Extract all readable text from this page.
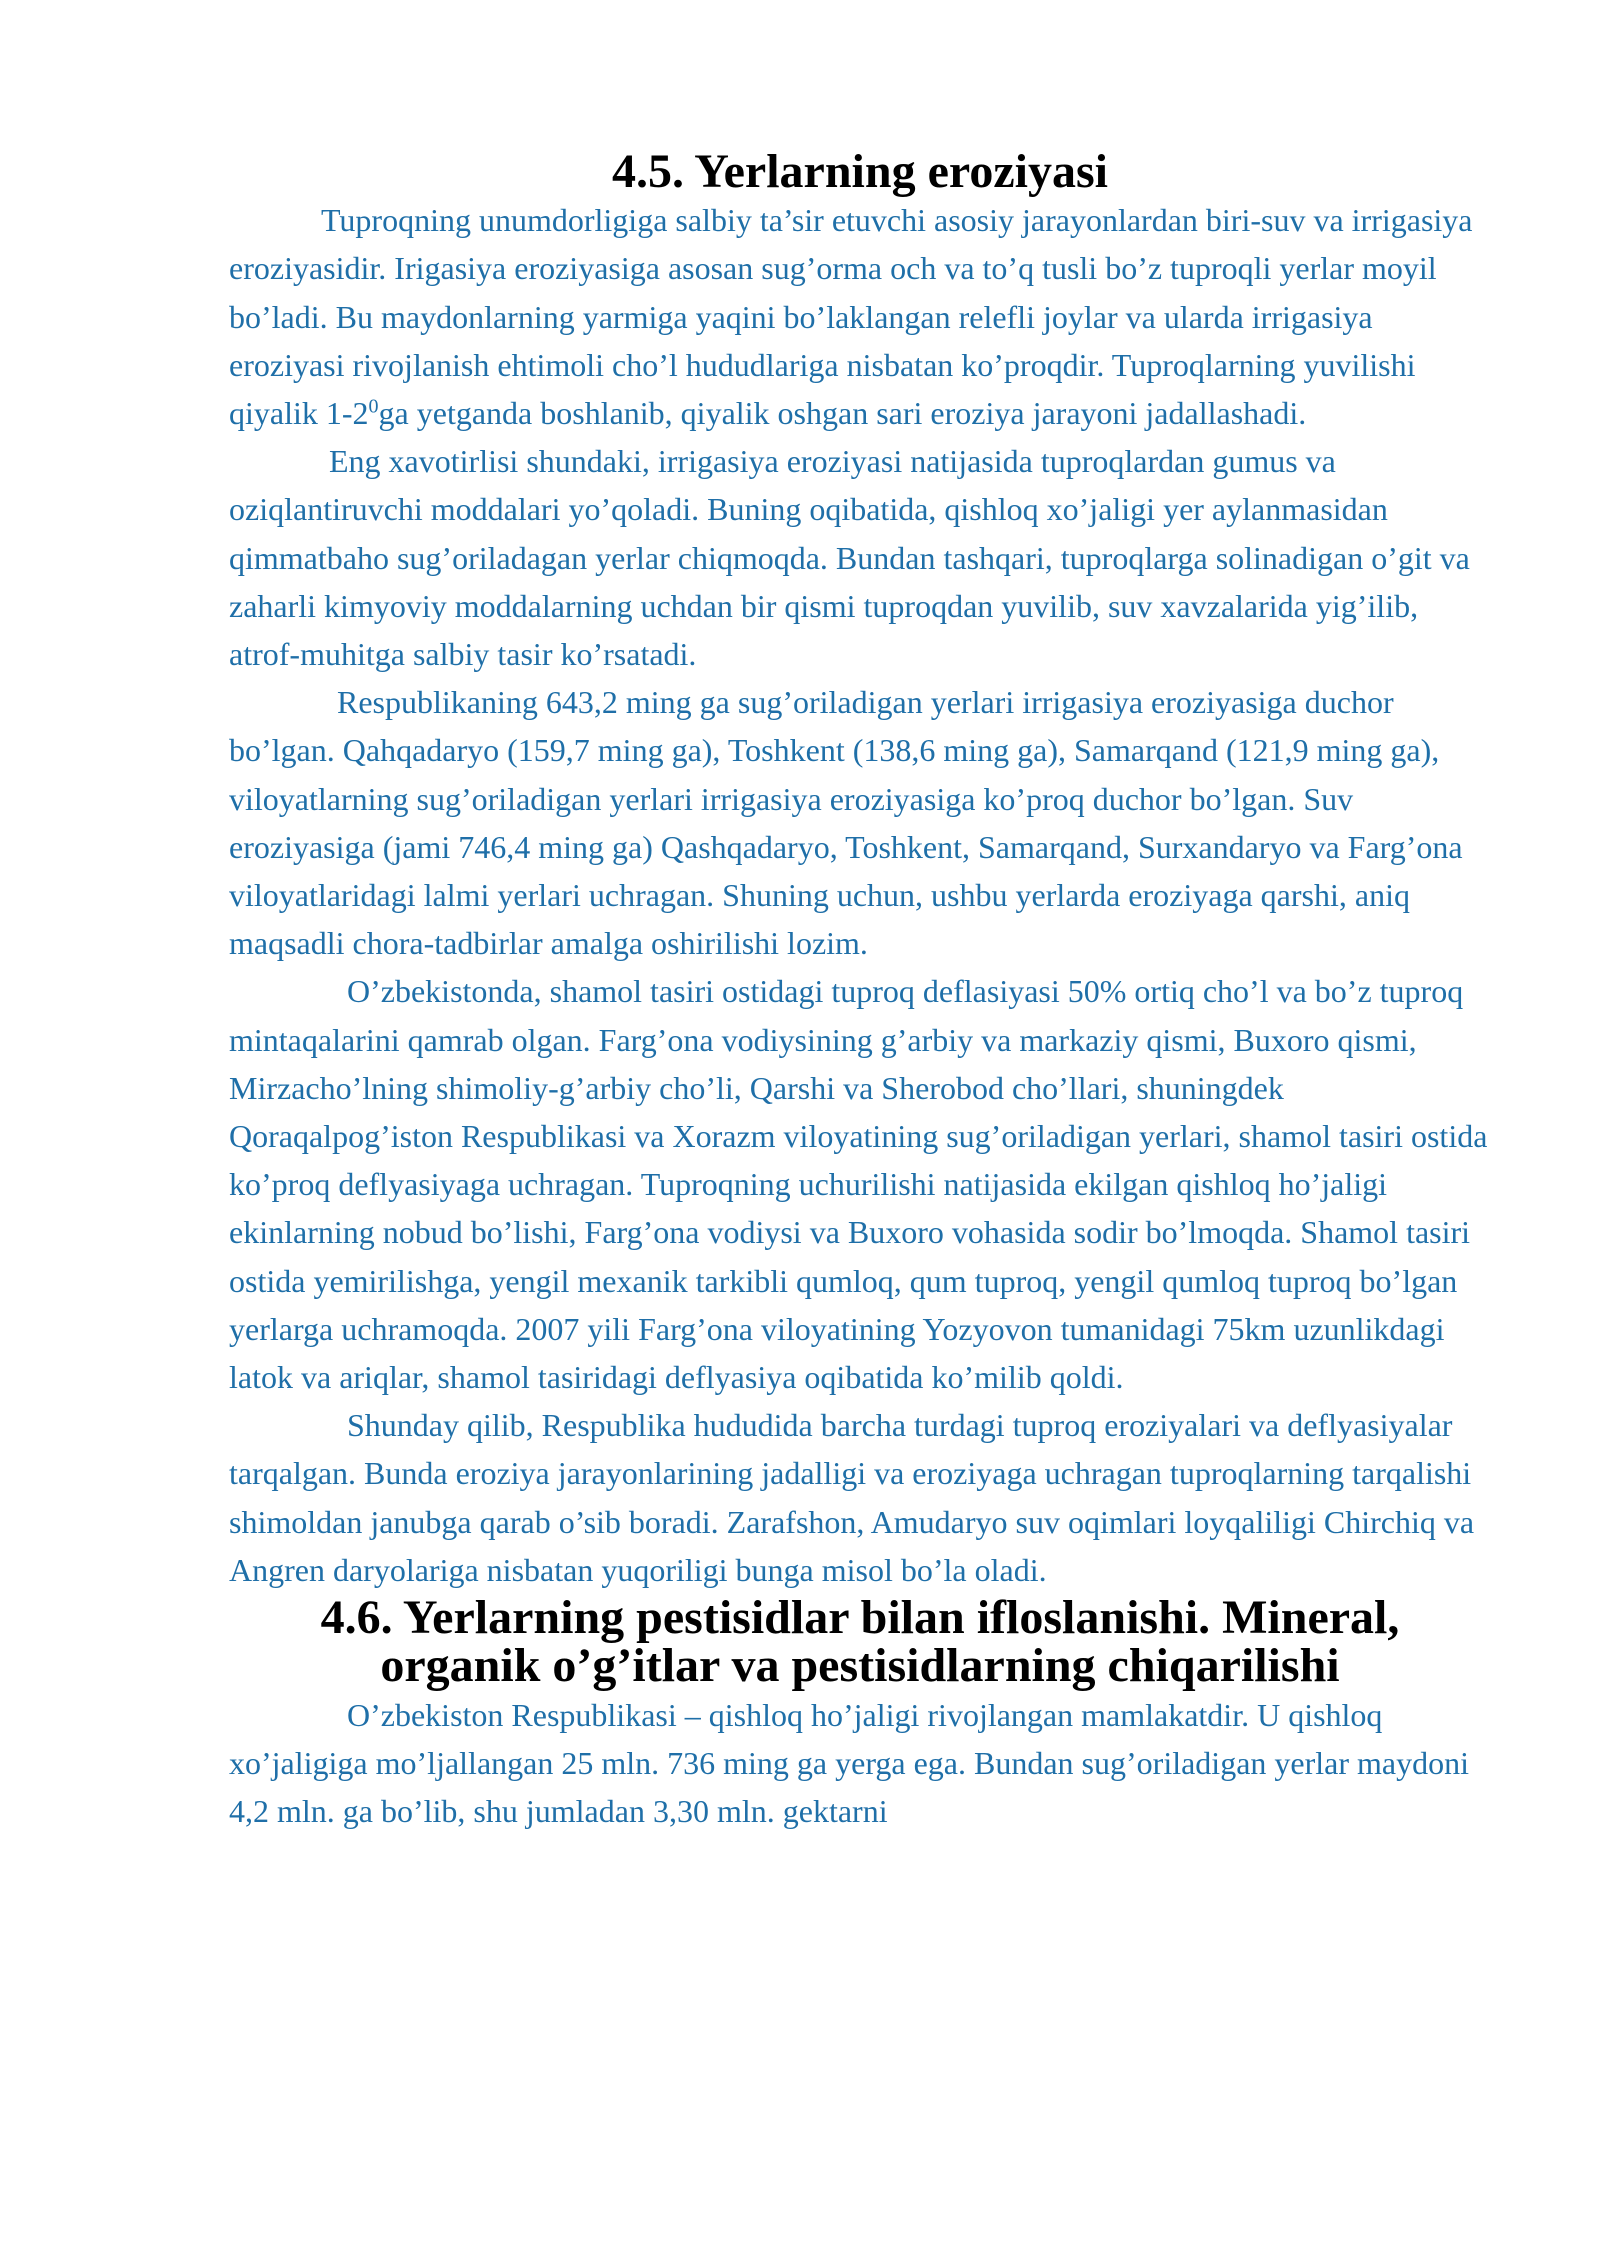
4.5. Yerlarning eroziyasi

Tuproqning unumdorligiga salbiy ta’sir etuvchi asosiy jarayonlardan biri-suv va irrigasiya eroziyasidir. Irigasiya eroziyasiga asosan sug’orma och va to’q tusli bo’z tuproqli yerlar moyil bo’ladi. Bu maydonlarning yarmiga yaqini bo’laklangan relefli joylar va ularda irrigasiya eroziyasi rivojlanish ehtimoli cho’l hududlariga nisbatan ko’proqdir. Tuproqlarning yuvilishi qiyalik $1-2^0ga$ yetganda boshlanib, qiyalik oshgan sari eroziya jarayoni jadallashadi.

Eng xavotirlisi shundaki, irrigasiya eroziyasi natijasida tuproqlardan gumus va oziqlantiruvchi moddalari yo’qoladi. Buning oqibatida, qishloq xo’jaligi yer aylanmasidan qimmatbaho sug’oriladagan yerlar chiqmoqda. Bundan tashqari, tuproqlarga solinadigan o’git va zaharli kimyoviy moddalarning uchdan bir qismi tuproqdan yuvilib, suv xavzalarida yig’ilib, atrof-muhitga salbiy tasir ko’rsatadi.

Respublikaning 643,2 ming ga sug’oriladigan yerlari irrigasiya eroziyasiga duchor bo’lgan. Qahqadaryo (159,7 ming ga), Toshkent (138,6 ming ga), Samarqand (121,9 ming ga), viloyatlarning sug’oriladigan yerlari irrigasiya eroziyasiga ko’proq duchor bo’lgan. Suv eroziyasiga (jami 746,4 ming ga) Qashqadaryo, Toshkent, Samarqand, Surxandaryo va Farg’ona viloyatlaridagi lalmi yerlari uchragan. Shuning uchun, ushbu yerlarda eroziyaga qarshi, aniq maqsadli chora-tadbirlar amalga oshirilishi lozim.

O’zbekistonda, shamol tasiri ostidagi tuproq deflasiyasi 50% ortiq cho’l va bo’z tuproq mintaqalarini qamrab olgan. Farg’ona vodiysining g’arbiy va markaziy qismi, Buxoro qismi, Mirzacho’lning shimoliy-g’arbiy cho’li, Qarshi va Sherobod cho’llari, shuningdek Qoraqalpog’iston Respublikasi va Xorazm viloyatining sug’oriladigan yerlari, shamol tasiri ostida ko’proq deflyasiyaga uchragan. Tuproqning uchurilishi natijasida ekilgan qishloq ho’jaligi ekinlarning nobud bo’lishi, Farg’ona vodiysi va Buxoro vohasida sodir bo’lmoqda. Shamol tasiri ostida yemirilishga, yengil mexanik tarkibli qumloq, qum tuproq, yengil qumloq tuproq bo’lgan yerlarga uchramoqda. 2007 yili Farg’ona viloyatining Yozyovon tumanidagi 75km uzunlikdagi latok va ariqlar, shamol tasiridagi deflyasiya oqibatida ko’milib qoldi.

Shunday qilib, Respublika hududida barcha turdagi tuproq eroziyalari va deflyasiyalar tarqalgan. Bunda eroziya jarayonlarining jadalligi va eroziyaga uchragan tuproqlarning tarqalishi shimoldan janubga qarab o’sib boradi. Zarafshon, Amudaryo suv oqimlari loyqaliligi Chirchiq va Angren daryolariga nisbatan yuqoriligi bunga misol bo’la oladi.

4.6. Yerlarning pestisidlar bilan ifloslanishi. Mineral, organik o’g’itlar va pestisidlarning chiqarilishi

O’zbekiston Respublikasi – qishloq ho’jaligi rivojlangan mamlakatdir. U qishloq xo’jaligiga mo’ljallangan 25 mln. 736 ming ga yerga ega. Bundan sug’oriladigan yerlar maydoni 4,2 mln. ga bo’lib, shu jumladan 3,30 mln. gektarni
